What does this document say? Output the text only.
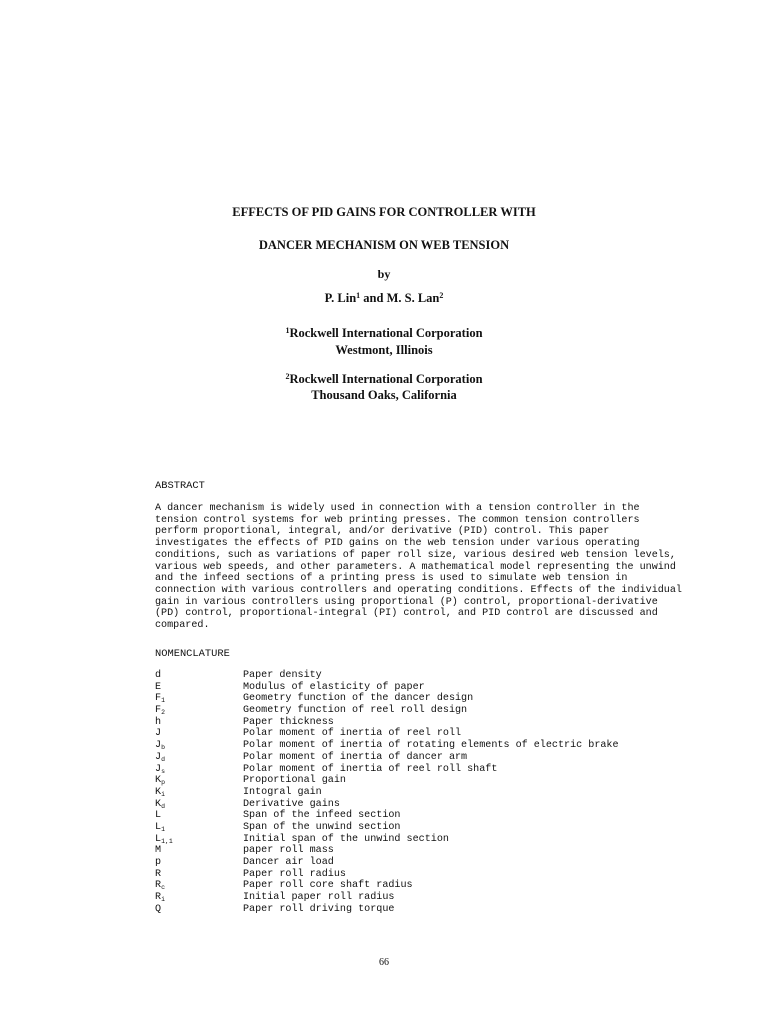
EFFECTS OF PID GAINS FOR CONTROLLER WITH
DANCER MECHANISM ON WEB TENSION
by
P. Lin$^1$ and M. S. Lan$^2$
$^1$Rockwell International Corporation
Westmont, Illinois
$^2$Rockwell International Corporation
Thousand Oaks, California
ABSTRACT
A dancer mechanism is widely used in connection with a tension controller in the
tension control systems for web printing presses. The common tension controllers
perform proportional, integral, and/or derivative (PID) control. This paper
investigates the effects of PID gains on the web tension under various operating
conditions, such as variations of paper roll size, various desired web tension levels,
various web speeds, and other parameters. A mathematical model representing the unwind
and the infeed sections of a printing press is used to simulate web tension in
connection with various controllers and operating conditions. Effects of the individual
gain in various controllers using proportional (P) control, proportional-derivative
(PD) control, proportional-integral (PI) control, and PID control are discussed and
compared.
NOMENCLATURE
d	Paper density
E	Modulus of elasticity of paper
$F_1$	Geometry function of the dancer design
$F_2$	Geometry function of reel roll design
h	Paper thickness
J	Polar moment of inertia of reel roll
$J_b$	Polar moment of inertia of rotating elements of electric brake
$J_d$	Polar moment of inertia of dancer arm
$J_s$	Polar moment of inertia of reel roll shaft
$K_p$	Proportional gain
$K_i$	Intogral gain
$K_d$	Derivative gains
L	Span of the infeed section
$L_1$	Span of the unwind section
$L_{1,1}$	Initial span of the unwind section
M	paper roll mass
p	Dancer air load
R	Paper roll radius
$R_c$	Paper roll core shaft radius
$R_i$	Initial paper roll radius
Q	Paper roll driving torque
66
